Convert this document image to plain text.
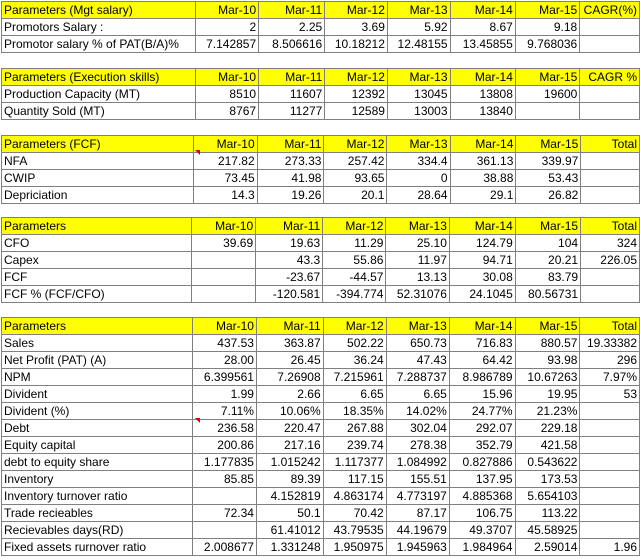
Parameters (Mgt salary)	Mar-10	Mar-11	Mar-12	Mar-13	Mar-14	Mar-15	CAGR(%)
Promotors Salary :	2	2.25	3.69	5.92	8.67	9.18	
Promotor salary % of PAT(B/A)%	7.142857	8.506616	10.18212	12.48155	13.45855	9.768036	
Parameters (Execution skills)	Mar-10	Mar-11	Mar-12	Mar-13	Mar-14	Mar-15	CAGR %
Production Capacity (MT)	8510	11607	12392	13045	13808	19600	
Quantity Sold (MT)	8767	11277	12589	13003	13840		
Parameters (FCF)	Mar-10	Mar-11	Mar-12	Mar-13	Mar-14	Mar-15	Total
NFA	217.82	273.33	257.42	334.4	361.13	339.97	
CWIP	73.45	41.98	93.65	0	38.88	53.43	
Depriciation	14.3	19.26	20.1	28.64	29.1	26.82	
Parameters	Mar-10	Mar-11	Mar-12	Mar-13	Mar-14	Mar-15	Total
CFO	39.69	19.63	11.29	25.10	124.79	104	324
Capex		43.3	55.86	11.97	94.71	20.21	226.05
FCF		-23.67	-44.57	13.13	30.08	83.79	
FCF % (FCF/CFO)		-120.581	-394.774	52.31076	24.1045	80.56731	
Parameters	Mar-10	Mar-11	Mar-12	Mar-13	Mar-14	Mar-15	Total
Sales	437.53	363.87	502.22	650.73	716.83	880.57	19.33382
Net Profit (PAT) (A)	28.00	26.45	36.24	47.43	64.42	93.98	296
NPM	6.399561	7.26908	7.215961	7.288737	8.986789	10.67263	7.97%
Divident	1.99	2.66	6.65	6.65	15.96	19.95	53
Divident (%)	7.11%	10.06%	18.35%	14.02%	24.77%	21.23%	
Debt	236.58	220.47	267.88	302.04	292.07	229.18	
Equity capital	200.86	217.16	239.74	278.38	352.79	421.58	
debt to equity share	1.177835	1.015242	1.117377	1.084992	0.827886	0.543622	
Inventory	85.85	89.39	117.15	155.51	137.95	173.53	
Inventory turnover ratio		4.152819	4.863174	4.773197	4.885368	5.654103	
Trade recieables	72.34	50.1	70.42	87.17	106.75	113.22	
Recievables days(RD)		61.41012	43.79535	44.19679	49.3707	45.58925	
Fixed assets rurnover ratio	2.008677	1.331248	1.950975	1.945963	1.984964	2.59014	1.96
